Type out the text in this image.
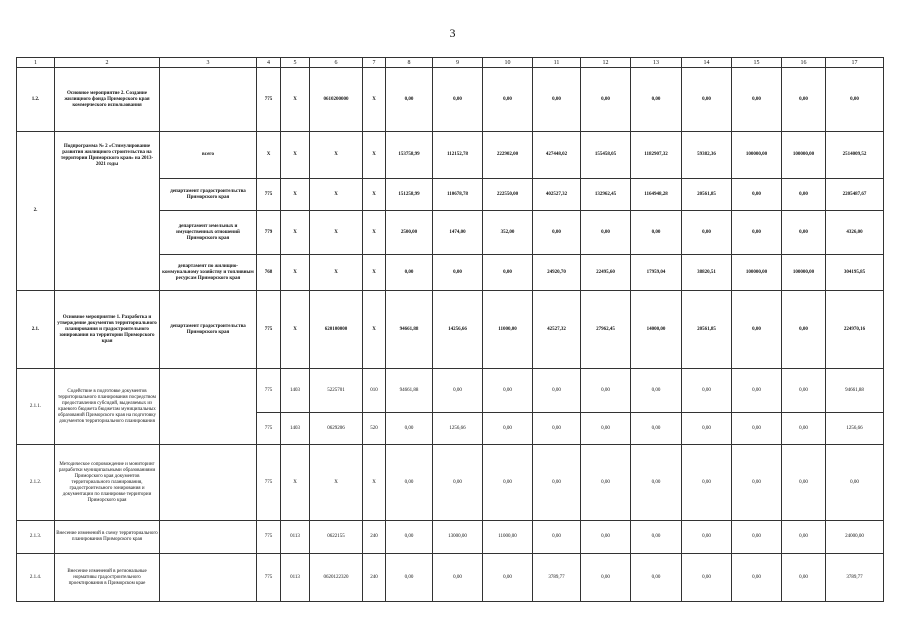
3
1	2	3	4	5	6	7	8	9	10	11	12	13	14	15	16	17
1.2.	Основное мероприятие 2. Создание жилищного фонда Приморского края коммерческого использования		775	X	0610200000	X	0,00	0,00	0,00	0,00	0,00	0,00	0,00	0,00	0,00	0,00
2.	Подпрограмма № 2 «Стимулирование развития жилищного строительства на территории Приморского края» на 2013-2021 годы	всего	X	X	X	X	153758,99	112152,78	222902,00	427448,02	155458,05	1182907,32	59382,36	100000,00	100000,00	2514009,52
		департамент градостроительства Приморского края	775	X	X	X	151258,99	110678,78	222550,00	402527,32	132962,45	1164948,28	20561,85	0,00	0,00	2205487,67
		департамент земельных и имущественных отношений Приморского края	779	X	X	X	2500,00	1474,00	352,00	0,00	0,00	0,00	0,00	0,00	0,00	4326,00
		департамент по жилищно-коммунальному хозяйству и топливным ресурсам Приморского края	768	X	X	X	0,00	0,00	0,00	24920,70	22495,60	17959,04	38820,51	100000,00	100000,00	304195,85
2.1.	Основное мероприятие 1. Разработка и утверждение документов территориального планирования и градостроительного зонирования на территории Приморского края	департамент градостроительства Приморского края	775	X	620100000	X	94661,88	14256,66	11000,00	42527,32	27962,45	14000,00	20561,85	0,00	0,00	224970,16
2.1.1.	Содействие в подготовке документов территориального планирования посредством предоставления субсидий, выделяемых из краевого бюджета бюджетам муниципальных образований Приморского края на подготовку документов территориального планирования		775	1403	5225701	010	94661,88	0,00	0,00	0,00	0,00	0,00	0,00	0,00	0,00	94661,88
			775	1403	0629206	520	0,00	1256,66	0,00	0,00	0,00	0,00	0,00	0,00	0,00	1256,66
2.1.2.	Методическое сопровождение и мониторинг разработки муниципальными образованиями Приморского края документов территориального планирования, градостроительного зонирования и документации по планировке территории Приморского края		775	X	X	X	0,00	0,00	0,00	0,00	0,00	0,00	0,00	0,00	0,00	0,00
2.1.3.	Внесение изменений в схему территориального планирования Приморского края		775	0113	0622155	240	0,00	13000,00	11000,00	0,00	0,00	0,00	0,00	0,00	0,00	24000,00
2.1.4.	Внесение изменений в региональные нормативы градостроительного проектирования в Приморском крае		775	0113	0620122320	240	0,00	0,00	0,00	3789,77	0,00	0,00	0,00	0,00	0,00	3789,77
